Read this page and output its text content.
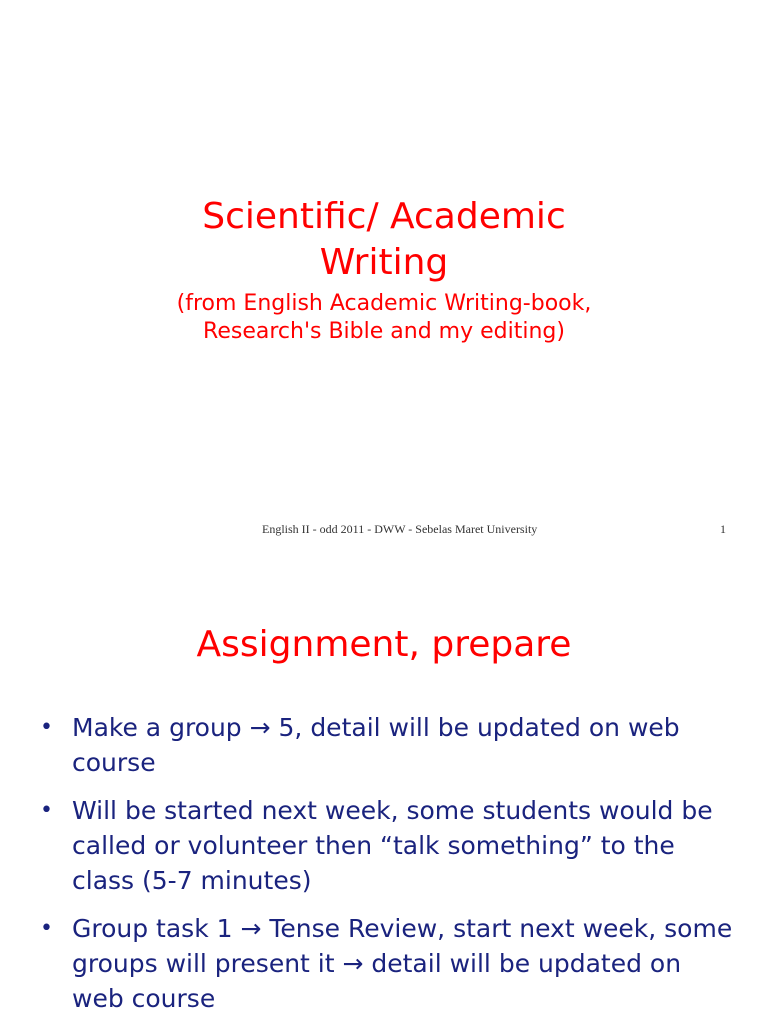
Scientific/ Academic
Writing
(from English Academic Writing-book,
Research's Bible and my editing)
English II - odd 2011 - DWW - Sebelas Maret University	1
Assignment, prepare
• Make a group → 5, detail will be updated on web course
• Will be started next week, some students would be called or volunteer then “talk something” to the class (5-7 minutes)
• Group task 1 → Tense Review, start next week, some groups will present it → detail will be updated on web course
